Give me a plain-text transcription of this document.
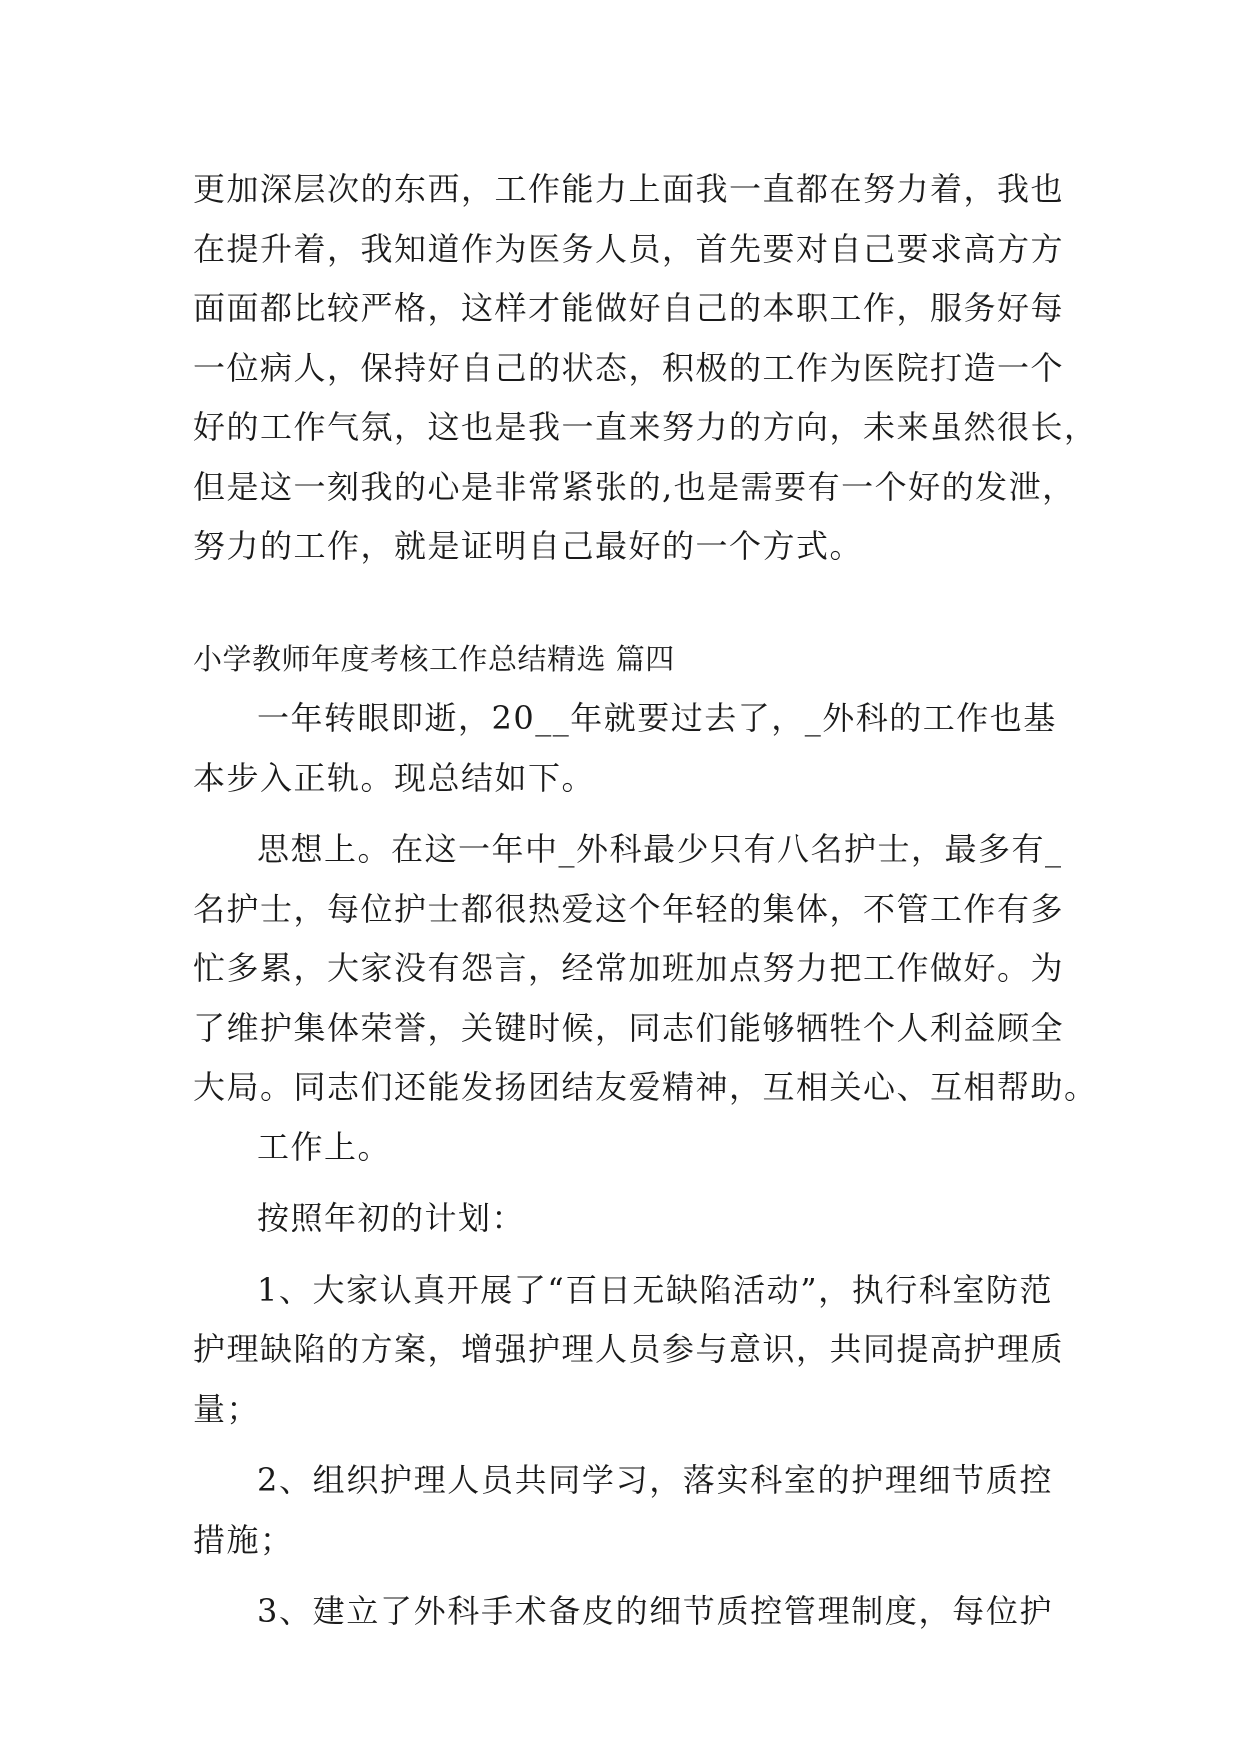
更加深层次的东西，工作能力上面我一直都在努力着，我也
在提升着，我知道作为医务人员，首先要对自己要求高方方
面面都比较严格，这样才能做好自己的本职工作，服务好每
一位病人，保持好自己的状态，积极的工作为医院打造一个
好的工作气氛，这也是我一直来努力的方向，未来虽然很长，
但是这一刻我的心是非常紧张的,也是需要有一个好的发泄，
努力的工作，就是证明自己最好的一个方式。
小学教师年度考核工作总结精选 篇四
一年转眼即逝，20__年就要过去了，_外科的工作也基
本步入正轨。现总结如下。
思想上。在这一年中_外科最少只有八名护士，最多有_
名护士，每位护士都很热爱这个年轻的集体，不管工作有多
忙多累，大家没有怨言，经常加班加点努力把工作做好。为
了维护集体荣誉，关键时候，同志们能够牺牲个人利益顾全
大局。同志们还能发扬团结友爱精神，互相关心、互相帮助。
工作上。
按照年初的计划：
1、大家认真开展了“百日无缺陷活动”，执行科室防范
护理缺陷的方案，增强护理人员参与意识，共同提高护理质
量；
2、组织护理人员共同学习，落实科室的护理细节质控
措施；
3、建立了外科手术备皮的细节质控管理制度，每位护
